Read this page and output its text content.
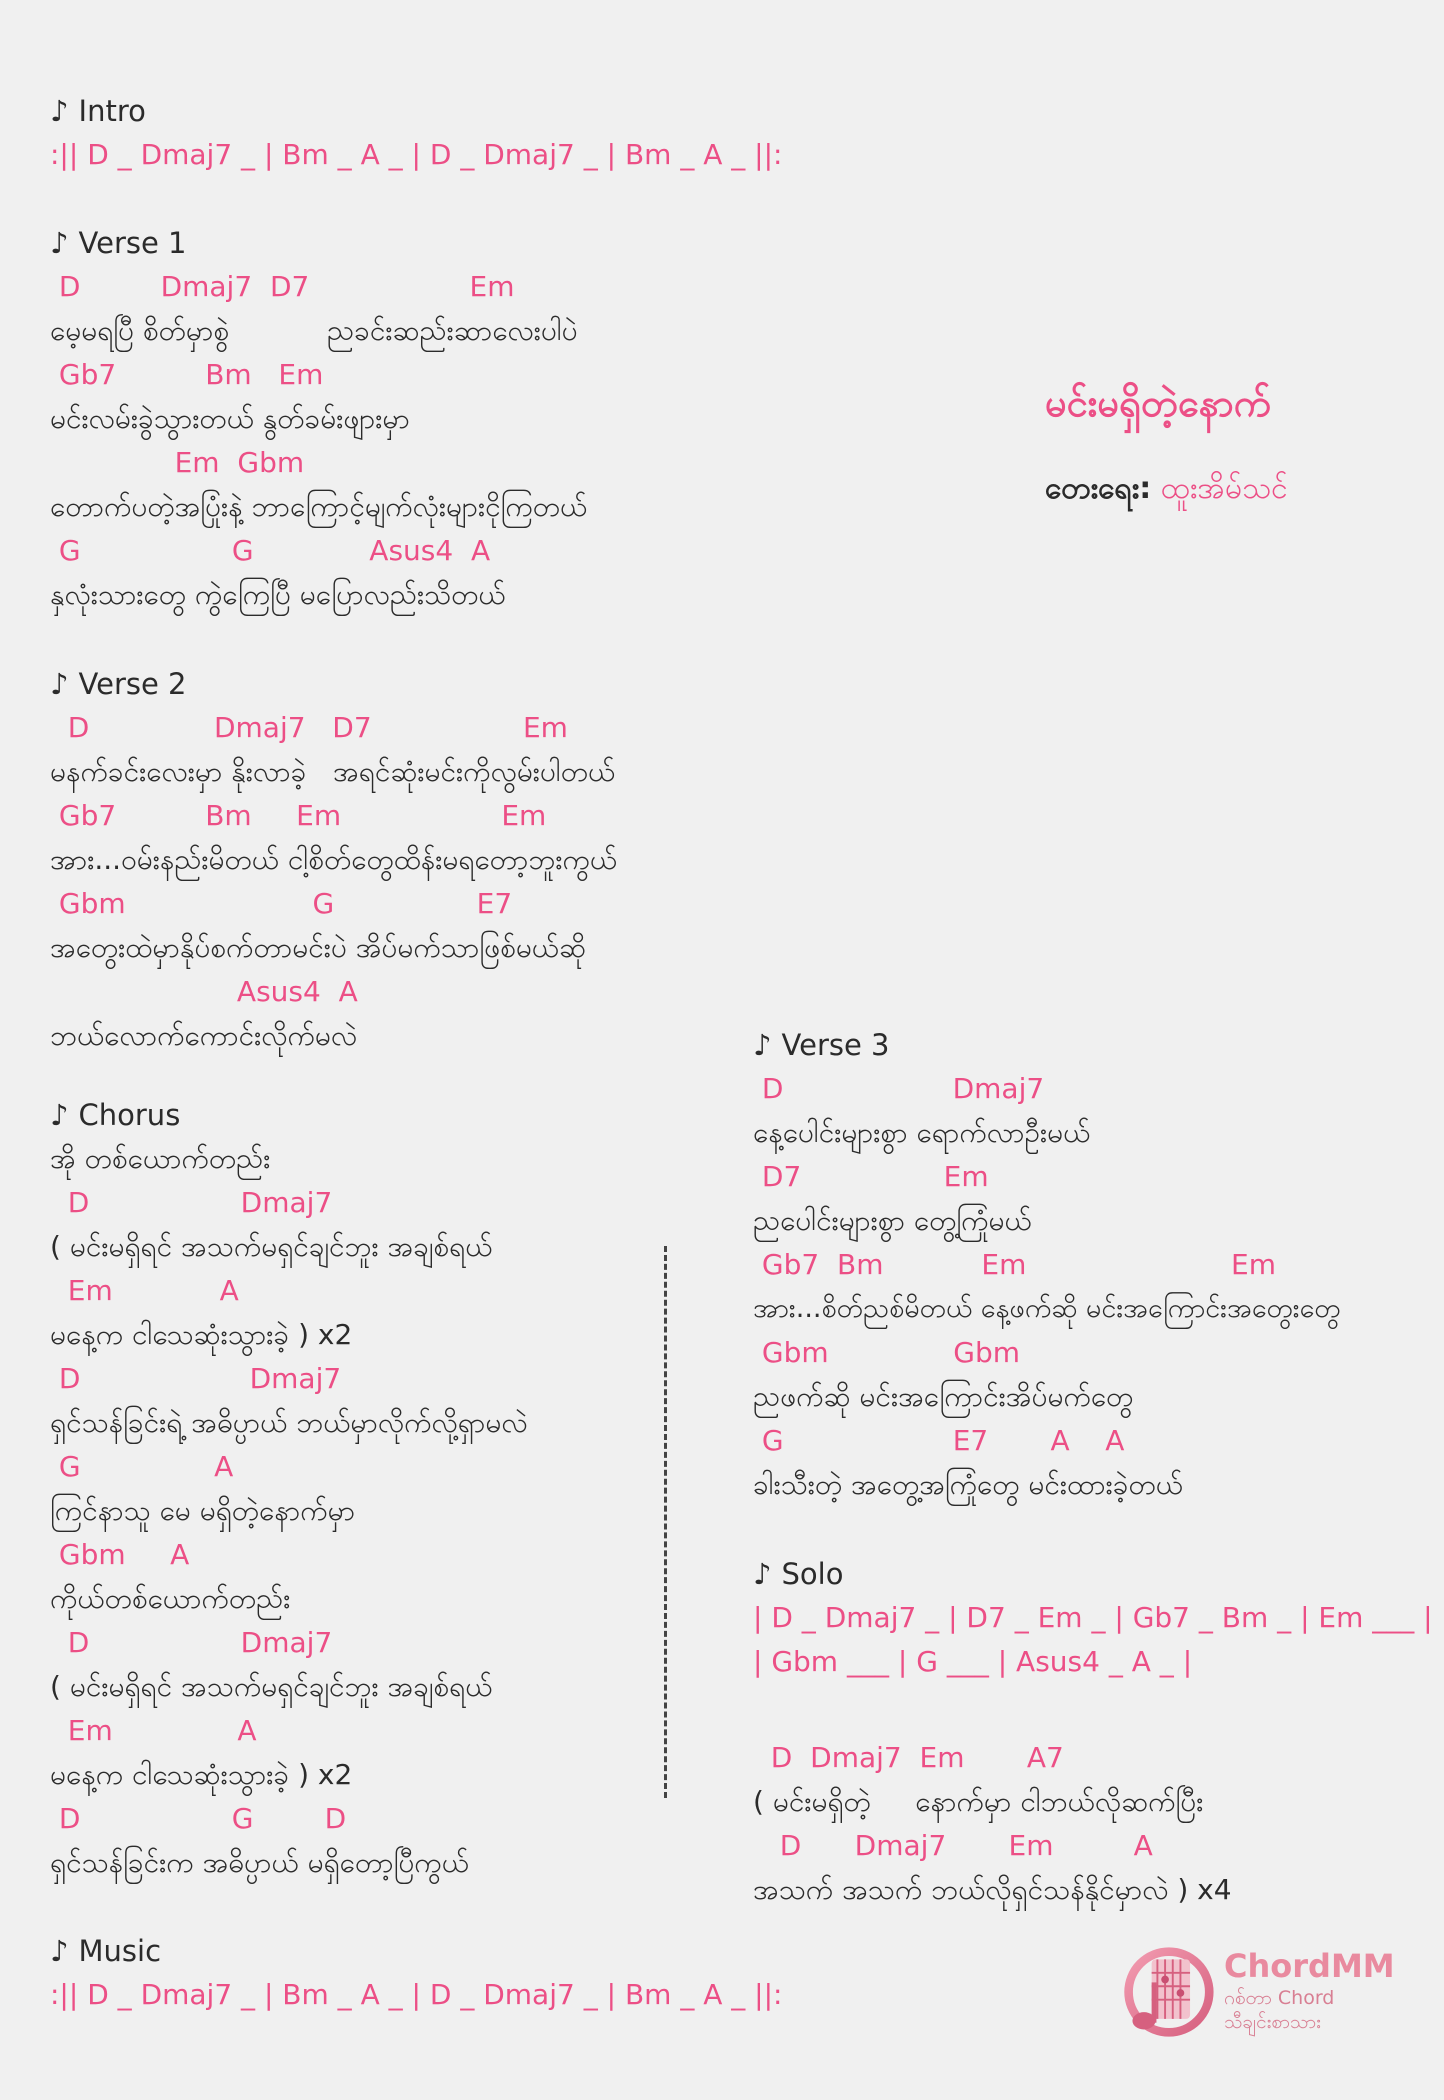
♪ Intro
:|| D _ Dmaj7 _ | Bm _ A _ | D _ Dmaj7 _ | Bm _ A _ ||:
♪ Verse 1
D         Dmaj7  D7                  Em
မေ့မရပြီ စိတ်မှာစွဲ           ညခင်းဆည်းဆာလေးပါပဲ
Gb7          Bm   Em
မင်းလမ်းခွဲသွားတယ် နွတ်ခမ်းဖျားမှာ
Em  Gbm
တောက်ပတဲ့အပြုံးနဲ့ ဘာကြောင့်မျက်လုံးများငိုကြတယ်
G                 G             Asus4  A
နှလုံးသားတွေ ကွဲကြေပြီ မပြောလည်းသိတယ်
မင်းမရှိတဲ့နောက်
တေးရေး: ထူးအိမ်သင်
♪ Verse 2
D              Dmaj7   D7                 Em
မနက်ခင်းလေးမှာ နိုးလာခဲ့   အရင်ဆုံးမင်းကိုလွမ်းပါတယ်
Gb7          Bm     Em                  Em
အား...ဝမ်းနည်းမိတယ် ငါ့စိတ်တွေထိန်းမရတော့ဘူးကွယ်
Gbm                     G                E7
အတွေးထဲမှာနိုပ်စက်တာမင်းပဲ အိပ်မက်သာဖြစ်မယ်ဆို
Asus4  A
ဘယ်လောက်ကောင်းလိုက်မလဲ
♪ Chorus
အို တစ်ယောက်တည်း
D                 Dmaj7
( မင်းမရှိရင် အသက်မရှင်ချင်ဘူး အချစ်ရယ်
Em            A
မနေ့က ငါသေဆုံးသွားခဲ့ ) x2
D                   Dmaj7
ရှင်သန်ခြင်းရဲ့ အဓိပ္ပာယ် ဘယ်မှာလိုက်လို့ရှာမလဲ
G               A
ကြင်နာသူ မေ မရှိတဲ့နောက်မှာ
Gbm     A
ကိုယ်တစ်ယောက်တည်း
D                 Dmaj7
( မင်းမရှိရင် အသက်မရှင်ချင်ဘူး အချစ်ရယ်
Em              A
မနေ့က ငါသေဆုံးသွားခဲ့ ) x2
D                 G        D
ရှင်သန်ခြင်းက အဓိပ္ပာယ် မရှိတော့ပြီကွယ်
♪ Music
:|| D _ Dmaj7 _ | Bm _ A _ | D _ Dmaj7 _ | Bm _ A _ ||:
♪ Verse 3
D                   Dmaj7
နေ့ပေါင်းများစွာ ရောက်လာဦးမယ်
D7                Em
ညပေါင်းများစွာ တွေ့ကြုံမယ်
Gb7  Bm           Em                       Em
အား...စိတ်ညစ်မိတယ် နေ့ဖက်ဆို မင်းအကြောင်းအတွေးတွေ
Gbm              Gbm
ညဖက်ဆို မင်းအကြောင်းအိပ်မက်တွေ
G                   E7       A    A
ခါးသီးတဲ့ အတွေ့အကြုံတွေ မင်းထားခဲ့တယ်
♪ Solo
| D _ Dmaj7 _ | D7 _ Em _ | Gb7 _ Bm _ | Em ___ |
| Gbm ___ | G ___ | Asus4 _ A _ |
D  Dmaj7  Em       A7
( မင်းမရှိတဲ့     နောက်မှာ ငါဘယ်လိုဆက်ပြီး
D      Dmaj7       Em         A
အသက် အသက် ဘယ်လိုရှင်သန်နိုင်မှာလဲ ) x4
ChordMM
ဂစ်တာ Chord
သီချင်းစာသား
